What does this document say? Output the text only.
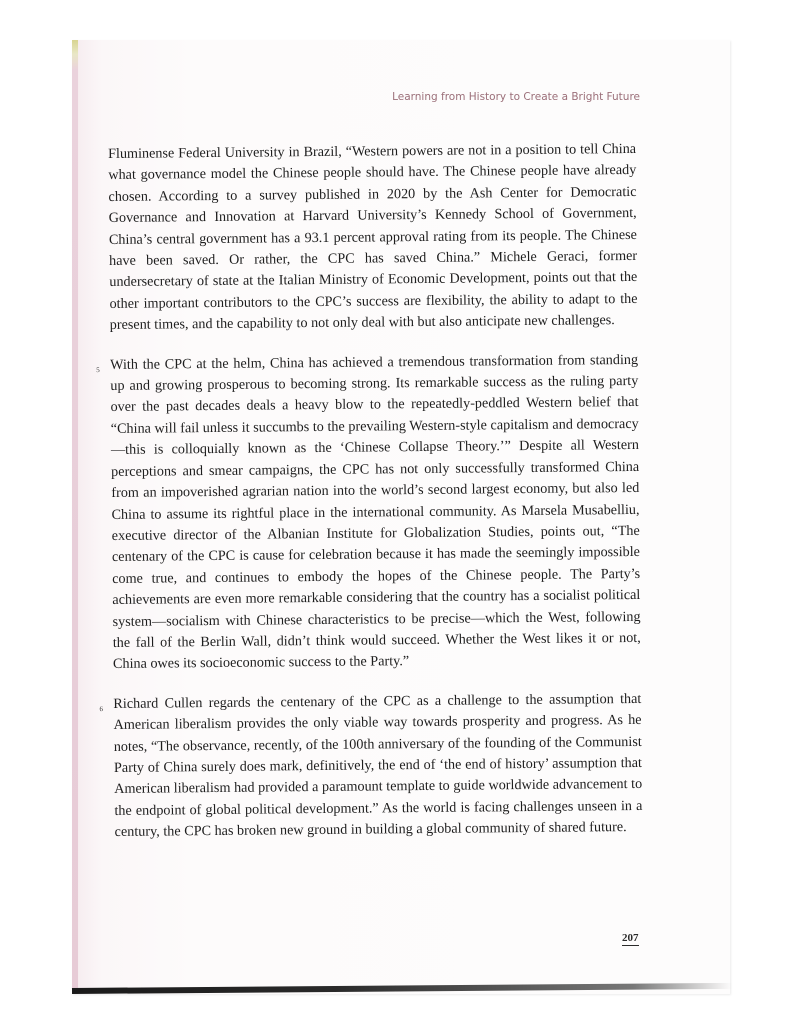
Learning from History to Create a Bright Future

Fluminense Federal University in Brazil, “Western powers are not in a position to tell China what governance model the Chinese people should have. The Chinese people have already chosen. According to a survey published in 2020 by the Ash Center for Democratic Governance and Innovation at Harvard University’s Kennedy School of Government, China’s central government has a 93.1 percent approval rating from its people. The Chinese have been saved. Or rather, the CPC has saved China.” Michele Geraci, former undersecretary of state at the Italian Ministry of Economic Development, points out that the other important contributors to the CPC’s success are flexibility, the ability to adapt to the present times, and the capability to not only deal with but also anticipate new challenges.

5 With the CPC at the helm, China has achieved a tremendous transformation from standing up and growing prosperous to becoming strong. Its remarkable success as the ruling party over the past decades deals a heavy blow to the repeatedly-peddled Western belief that “China will fail unless it succumbs to the prevailing Western-style capitalism and democracy—this is colloquially known as the ‘Chinese Collapse Theory.’” Despite all Western perceptions and smear campaigns, the CPC has not only successfully transformed China from an impoverished agrarian nation into the world’s second largest economy, but also led China to assume its rightful place in the international community. As Marsela Musabelliu, executive director of the Albanian Institute for Globalization Studies, points out, “The centenary of the CPC is cause for celebration because it has made the seemingly impossible come true, and continues to embody the hopes of the Chinese people. The Party’s achievements are even more remarkable considering that the country has a socialist political system—socialism with Chinese characteristics to be precise—which the West, following the fall of the Berlin Wall, didn’t think would succeed. Whether the West likes it or not, China owes its socioeconomic success to the Party.”

6 Richard Cullen regards the centenary of the CPC as a challenge to the assumption that American liberalism provides the only viable way towards prosperity and progress. As he notes, “The observance, recently, of the 100th anniversary of the founding of the Communist Party of China surely does mark, definitively, the end of ‘the end of history’ assumption that American liberalism had provided a paramount template to guide worldwide advancement to the endpoint of global political development.” As the world is facing challenges unseen in a century, the CPC has broken new ground in building a global community of shared future.

207
